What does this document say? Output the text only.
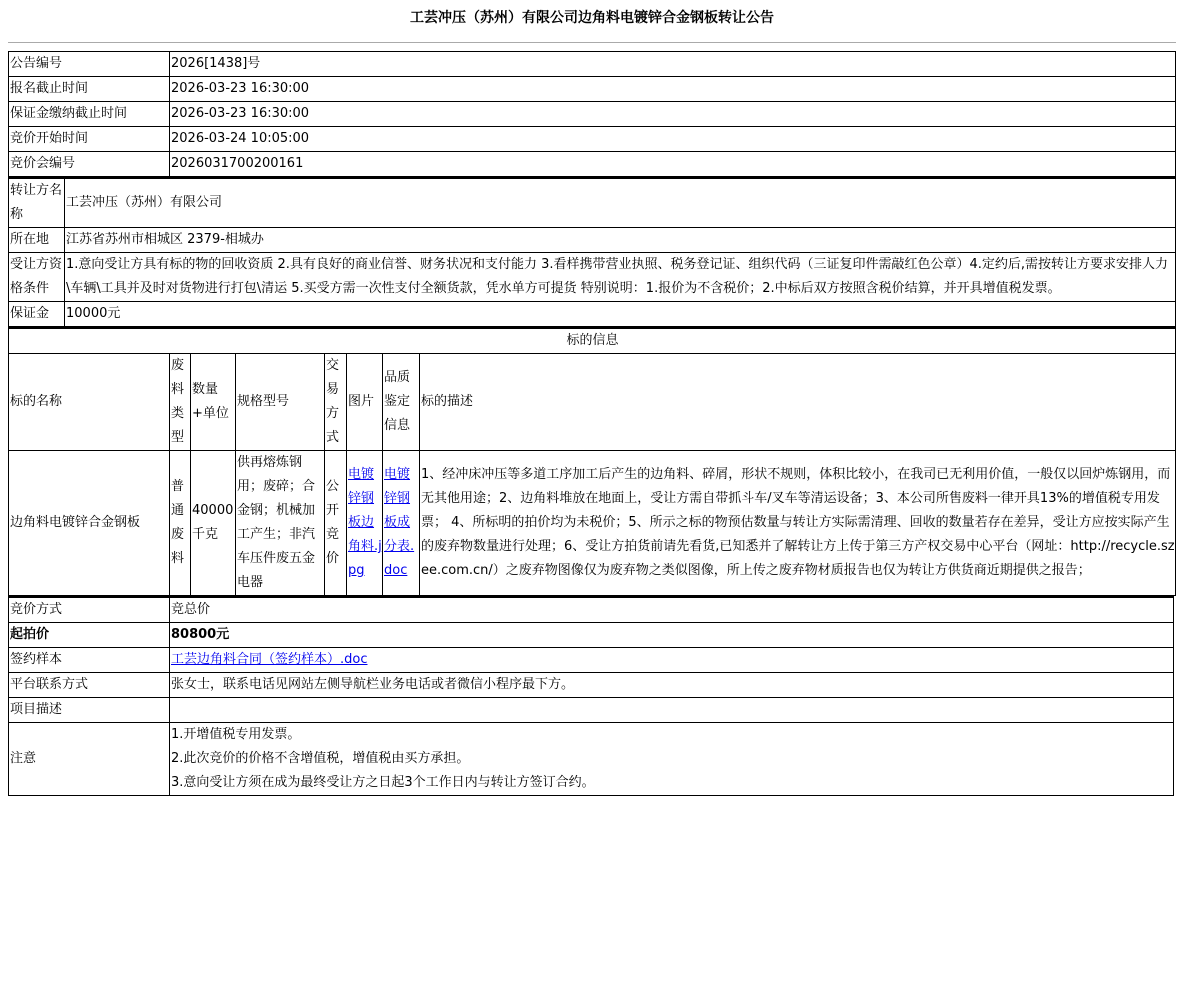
工芸冲压（苏州）有限公司边角料电镀锌合金钢板转让公告
公告编号	2026[1438]号
报名截止时间	2026-03-23 16:30:00
保证金缴纳截止时间	2026-03-23 16:30:00
竞价开始时间	2026-03-24 10:05:00
竞价会编号	2026031700200161
转让方名称	工芸冲压（苏州）有限公司
所在地	江苏省苏州市相城区 2379-相城办
受让方资格条件	1.意向受让方具有标的物的回收资质 2.具有良好的商业信誉、财务状况和支付能力 3.看样携带营业执照、税务登记证、组织代码（三证复印件需敲红色公章）4.定约后,需按转让方要求安排人力\车辆\工具并及时对货物进行打包\清运 5.买受方需一次性支付全额货款，凭水单方可提货 特别说明：1.报价为不含税价；2.中标后双方按照含税价结算，并开具增值税发票。
保证金	10000元
标的信息							
标的名称	废料类型	数量+单位	规格型号	交易方式	图片	品质鉴定信息	标的描述
边角料电镀锌合金钢板	普通废料	40000千克	供再熔炼钢用；废碎；合金钢；机械加工产生；非汽车压件废五金电器	公开竞价	电镀锌钢板边角料.jpg	电镀锌钢板成分表.doc	1、经冲床冲压等多道工序加工后产生的边角料、碎屑，形状不规则，体积比较小，在我司已无利用价值，一般仅以回炉炼钢用，而无其他用途；2、边角料堆放在地面上，受让方需自带抓斗车/叉车等清运设备；3、本公司所售废料一律开具13%的增值税专用发票； 4、所标明的拍价均为未税价；5、所示之标的物预估数量与转让方实际需清理、回收的数量若存在差异，受让方应按实际产生的废弃物数量进行处理；6、受让方拍货前请先看货,已知悉并了解转让方上传于第三方产权交易中心平台（网址：http://recycle.szee.com.cn/）之废弃物图像仅为废弃物之类似图像，所上传之废弃物材质报告也仅为转让方供货商近期提供之报告；
竞价方式	竞总价
起拍价	80800元
签约样本	工芸边角料合同（签约样本）.doc
平台联系方式	张女士，联系电话见网站左侧导航栏业务电话或者微信小程序最下方。
项目描述	
注意	1.开增值税专用发票。
2.此次竞价的价格不含增值税，增值税由买方承担。
3.意向受让方须在成为最终受让方之日起3个工作日内与转让方签订合约。
